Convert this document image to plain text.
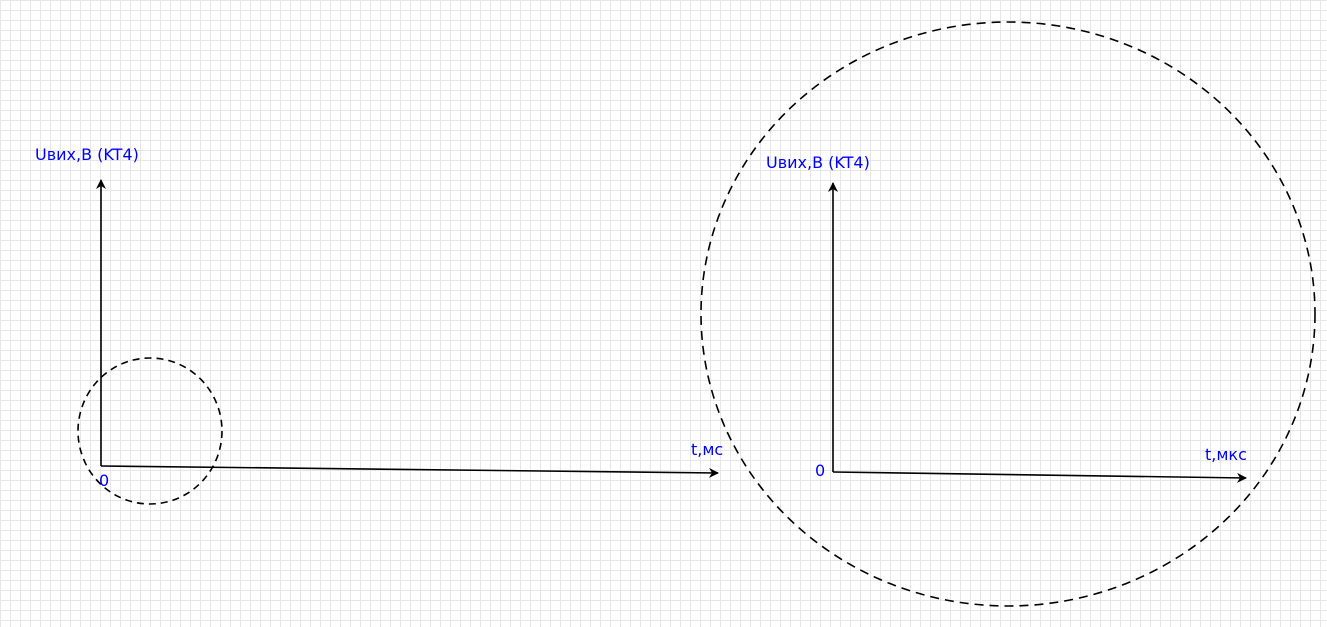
Uвих,В (KT4)
t,мс
0
Uвих,В (KT4)
t,мкс
0
